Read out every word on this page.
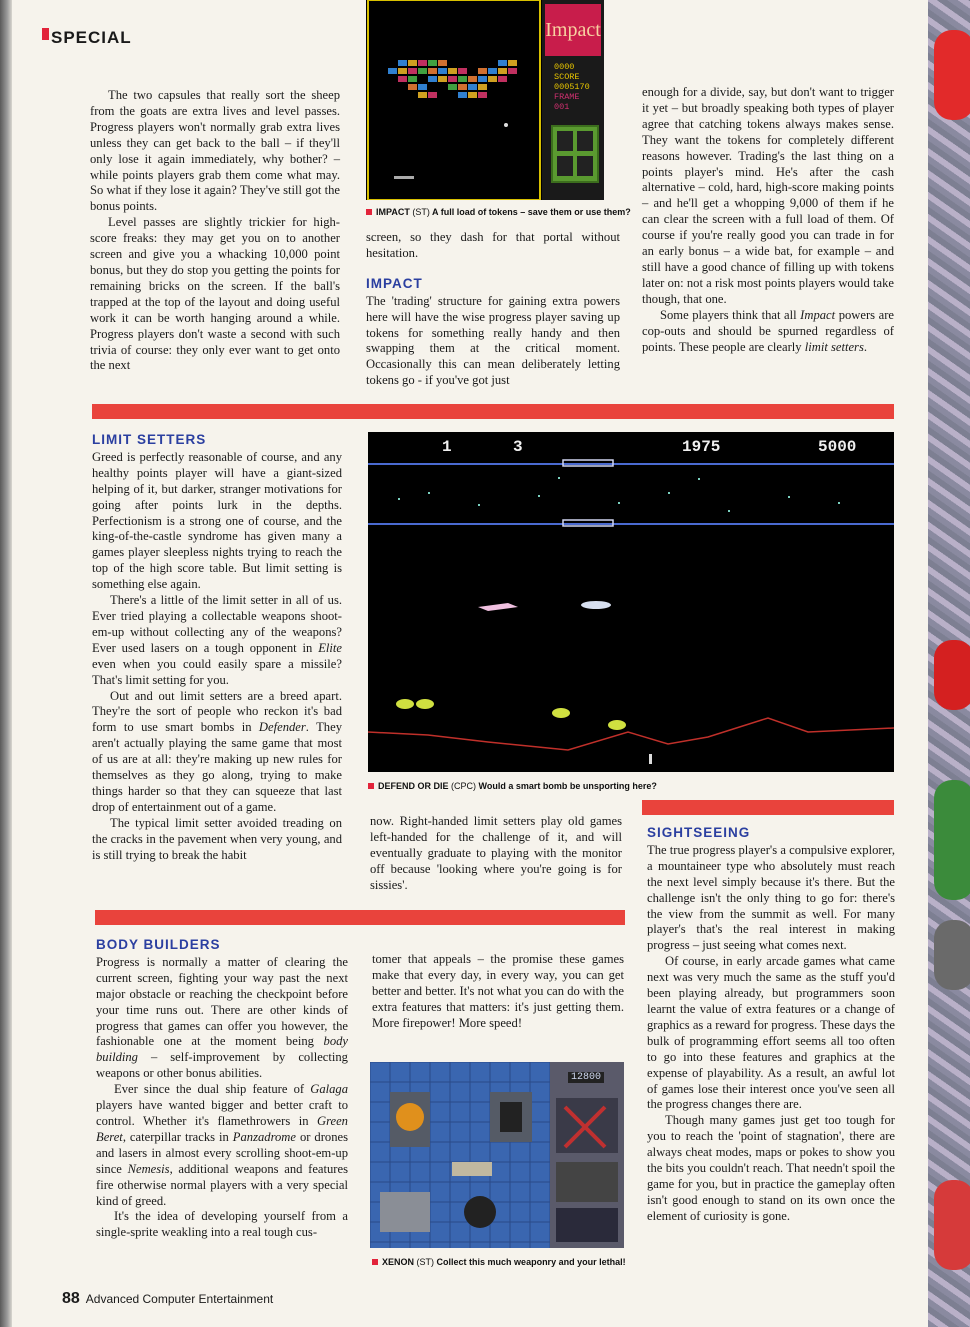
SPECIAL

The two capsules that really sort the sheep from the goats are extra lives and level passes. Progress players won't normally grab extra lives unless they can get back to the ball – if they'll only lose it again immediately, why bother? – while points players grab them come what may. So what if they lose it again? They've still got the bonus points.

Level passes are slightly trickier for high-score freaks: they may get you on to another screen and give you a whacking 10,000 point bonus, but they do stop you getting the points for remaining bricks on the screen. If the ball's trapped at the top of the layout and doing useful work it can be worth hanging around a while. Progress players don't waste a second with such trivia of course: they only ever want to get onto the next

Impact
0000
SCORE
0005170
FRAME
001
IMPACT (ST) A full load of tokens – save them or use them?

screen, so they dash for that portal without hesitation.

IMPACT

The 'trading' structure for gaining extra powers here will have the wise progress player saving up tokens for something really handy and then swapping them at the critical moment. Occasionally this can mean deliberately letting tokens go - if you've got just

enough for a divide, say, but don't want to trigger it yet – but broadly speaking both types of player agree that catching tokens always makes sense. They want the tokens for completely different reasons however. Trading's the last thing on a points player's mind. He's after the cash alternative – cold, hard, high-score making points – and he'll get a whopping 9,000 of them if he can clear the screen with a full load of them. Of course if you're really good you can trade in for an early bonus – a wide bat, for example – and still have a good chance of filling up with tokens later on: not a risk most points players would take though, that one.

Some players think that all Impact powers are cop-outs and should be spurned regardless of points. These people are clearly limit setters.

LIMIT SETTERS

Greed is perfectly reasonable of course, and any healthy points player will have a giant-sized helping of it, but darker, stranger motivations for going after points lurk in the depths. Perfectionism is a strong one of course, and the king-of-the-castle syndrome has given many a games player sleepless nights trying to reach the top of the high score table. But limit setting is something else again.

There's a little of the limit setter in all of us. Ever tried playing a collectable weapons shoot-em-up without collecting any of the weapons? Ever used lasers on a tough opponent in Elite even when you could easily spare a missile? That's limit setting for you.

Out and out limit setters are a breed apart. They're the sort of people who reckon it's bad form to use smart bombs in Defender. They aren't actually playing the same game that most of us are at all: they're making up new rules for themselves as they go along, trying to make things harder so that they can squeeze that last drop of entertainment out of a game.

The typical limit setter avoided treading on the cracks in the pavement when very young, and is still trying to break the habit

1	3	1975	5000
DEFEND OR DIE (CPC) Would a smart bomb be unsporting here?

now. Right-handed limit setters play old games left-handed for the challenge of it, and will eventually graduate to playing with the monitor off because 'looking where you're going is for sissies'.

SIGHTSEEING

The true progress player's a compulsive explorer, a mountaineer type who absolutely must reach the next level simply because it's there. But the challenge isn't the only thing to go for: there's the view from the summit as well. For many player's that's the real interest in making progress – just seeing what comes next.

Of course, in early arcade games what came next was very much the same as the stuff you'd been playing already, but programmers soon learnt the value of extra features or a change of graphics as a reward for progress. These days the bulk of programming effort seems all too often to go into these features and graphics at the expense of playability. As a result, an awful lot of games lose their interest once you've seen all the progress changes there are.

Though many games just get too tough for you to reach the 'point of stagnation', there are always cheat modes, maps or pokes to show you the bits you couldn't reach. That needn't spoil the game for you, but in practice the gameplay often isn't good enough to stand on its own once the element of curiosity is gone.

BODY BUILDERS

Progress is normally a matter of clearing the current screen, fighting your way past the next major obstacle or reaching the checkpoint before your time runs out. There are other kinds of progress that games can offer you however, the fashionable one at the moment being body building – self-improvement by collecting weapons or other bonus abilities.

Ever since the dual ship feature of Galaga players have wanted bigger and better craft to control. Whether it's flamethrowers in Green Beret, caterpillar tracks in Panzadrome or drones and lasers in almost every scrolling shoot-em-up since Nemesis, additional weapons and features fire otherwise normal players with a very special kind of greed.

It's the idea of developing yourself from a single-sprite weakling into a real tough cus-

tomer that appeals – the promise these games make that every day, in every way, you can get better and better. It's not what you can do with the extra features that matters: it's just getting them. More firepower! More speed!

12800
XENON (ST) Collect this much weaponry and your lethal!
88 Advanced Computer Entertainment
